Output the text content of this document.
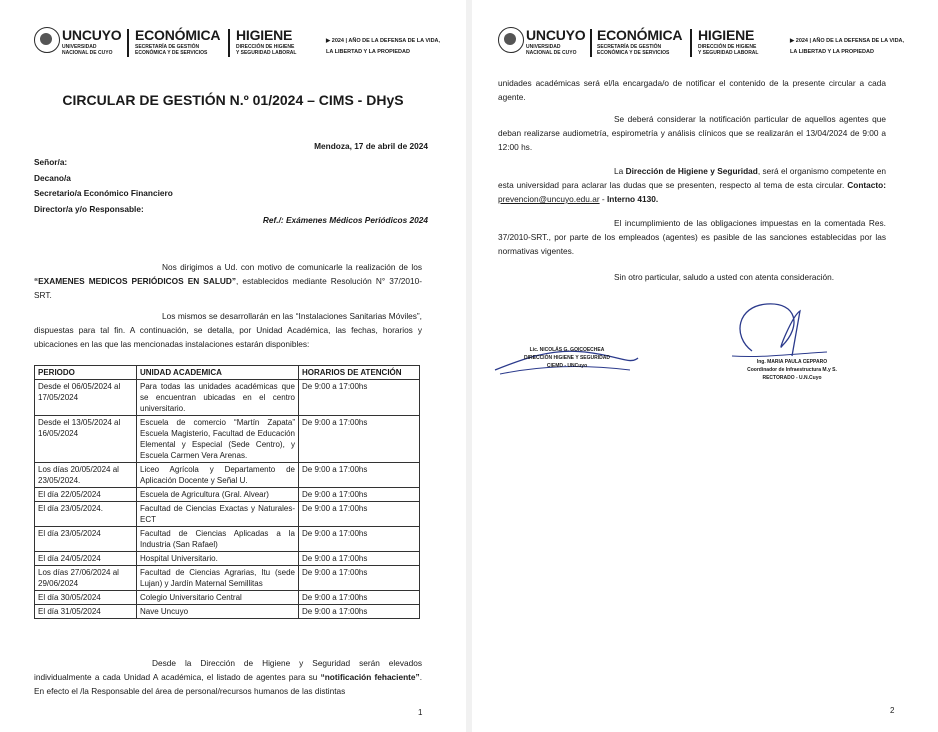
UNCUYO
UNIVERSIDAD
NACIONAL DE CUYO
ECONÓMICA
SECRETARÍA DE GESTIÓN
ECONÓMICA Y DE SERVICIOS
HIGIENE
DIRECCIÓN DE HIGIENE
Y SEGURIDAD LABORAL
▶ 2024 | AÑO DE LA DEFENSA DE LA VIDA,
LA LIBERTAD Y LA PROPIEDAD
CIRCULAR DE GESTIÓN N.º 01/2024 – CIMS - DHyS
Mendoza, 17 de abril de 2024
Señor/a:
Decano/a
Secretario/a Económico Financiero
Director/a y/o Responsable:
Ref./: Exámenes Médicos Periódicos 2024
Nos dirigimos a Ud. con motivo de comunicarle la realización de los “EXAMENES MEDICOS PERIÓDICOS EN SALUD”, establecidos mediante Resolución N° 37/2010-SRT.
Los mismos se desarrollarán en las “Instalaciones Sanitarias Móviles”, dispuestas para tal fin. A continuación, se detalla, por Unidad Académica, las fechas, horarios y ubicaciones en las que las mencionadas instalaciones estarán disponibles:
PERIODO	UNIDAD ACADEMICA	HORARIOS DE ATENCIÓN
Desde el 06/05/2024 al 17/05/2024	Para todas las unidades académicas que se encuentran ubicadas en el centro universitario.	De 9:00 a 17:00hs
Desde el 13/05/2024 al 16/05/2024	Escuela de comercio “Martín Zapata” Escuela Magisterio, Facultad de Educación Elemental y Especial (Sede Centro), y Escuela Carmen Vera Arenas.	De 9:00 a 17:00hs
Los días 20/05/2024 al 23/05/2024.	Liceo Agrícola y Departamento de Aplicación Docente y Señal U.	De 9:00 a 17:00hs
El día 22/05/2024	Escuela de Agricultura (Gral. Alvear)	De 9:00 a 17:00hs
El día 23/05/2024.	Facultad de Ciencias Exactas y Naturales- ECT	De 9:00 a 17:00hs
El día 23/05/2024	Facultad de Ciencias Aplicadas a la Industria (San Rafael)	De 9:00 a 17:00hs
El día 24/05/2024	Hospital Universitario.	De 9:00 a 17:00hs
Los días 27/06/2024 al 29/06/2024	Facultad de Ciencias Agrarias, Itu (sede Lujan) y Jardín Maternal Semillitas	De 9:00 a 17:00hs
El día 30/05/2024	Colegio Universitario Central	De 9:00 a 17:00hs
El día 31/05/2024	Nave Uncuyo	De 9:00 a 17:00hs
Desde la Dirección de Higiene y Seguridad serán elevados individualmente a cada Unidad A académica, el listado de agentes para su “notificación fehaciente”. En efecto el /la Responsable del área de personal/recursos humanos de las distintas
1
UNCUYO
UNIVERSIDAD
NACIONAL DE CUYO
ECONÓMICA
SECRETARÍA DE GESTIÓN
ECONÓMICA Y DE SERVICIOS
HIGIENE
DIRECCIÓN DE HIGIENE
Y SEGURIDAD LABORAL
▶ 2024 | AÑO DE LA DEFENSA DE LA VIDA,
LA LIBERTAD Y LA PROPIEDAD
unidades académicas será el/la encargada/o de notificar el contenido de la presente circular a cada agente.
Se deberá considerar la notificación particular de aquellos agentes que deban realizarse audiometría, espirometría y análisis clínicos que se realizarán el 13/04/2024 de 9:00 a 12:00 hs.
La Dirección de Higiene y Seguridad, será el organismo competente en esta universidad para aclarar las dudas que se presenten, respecto al tema de esta circular. Contacto: prevencion@uncuyo.edu.ar - Interno 4130.
El incumplimiento de las obligaciones impuestas en la comentada Res. 37/2010-SRT., por parte de los empleados (agentes) es pasible de las sanciones establecidas por las normativas vigentes.
Sin otro particular, saludo a usted con atenta consideración.
Lic. NICOLÁS G. GOICOECHEA
DIRECCIÓN HIGIENE Y SEGURIDAD
CIEMD - UNCuyo
Ing. MARIA PAULA CEPPARO
Coordinador de Infraestructura M.y S.
RECTORADO - U.N.Cuyo
2
